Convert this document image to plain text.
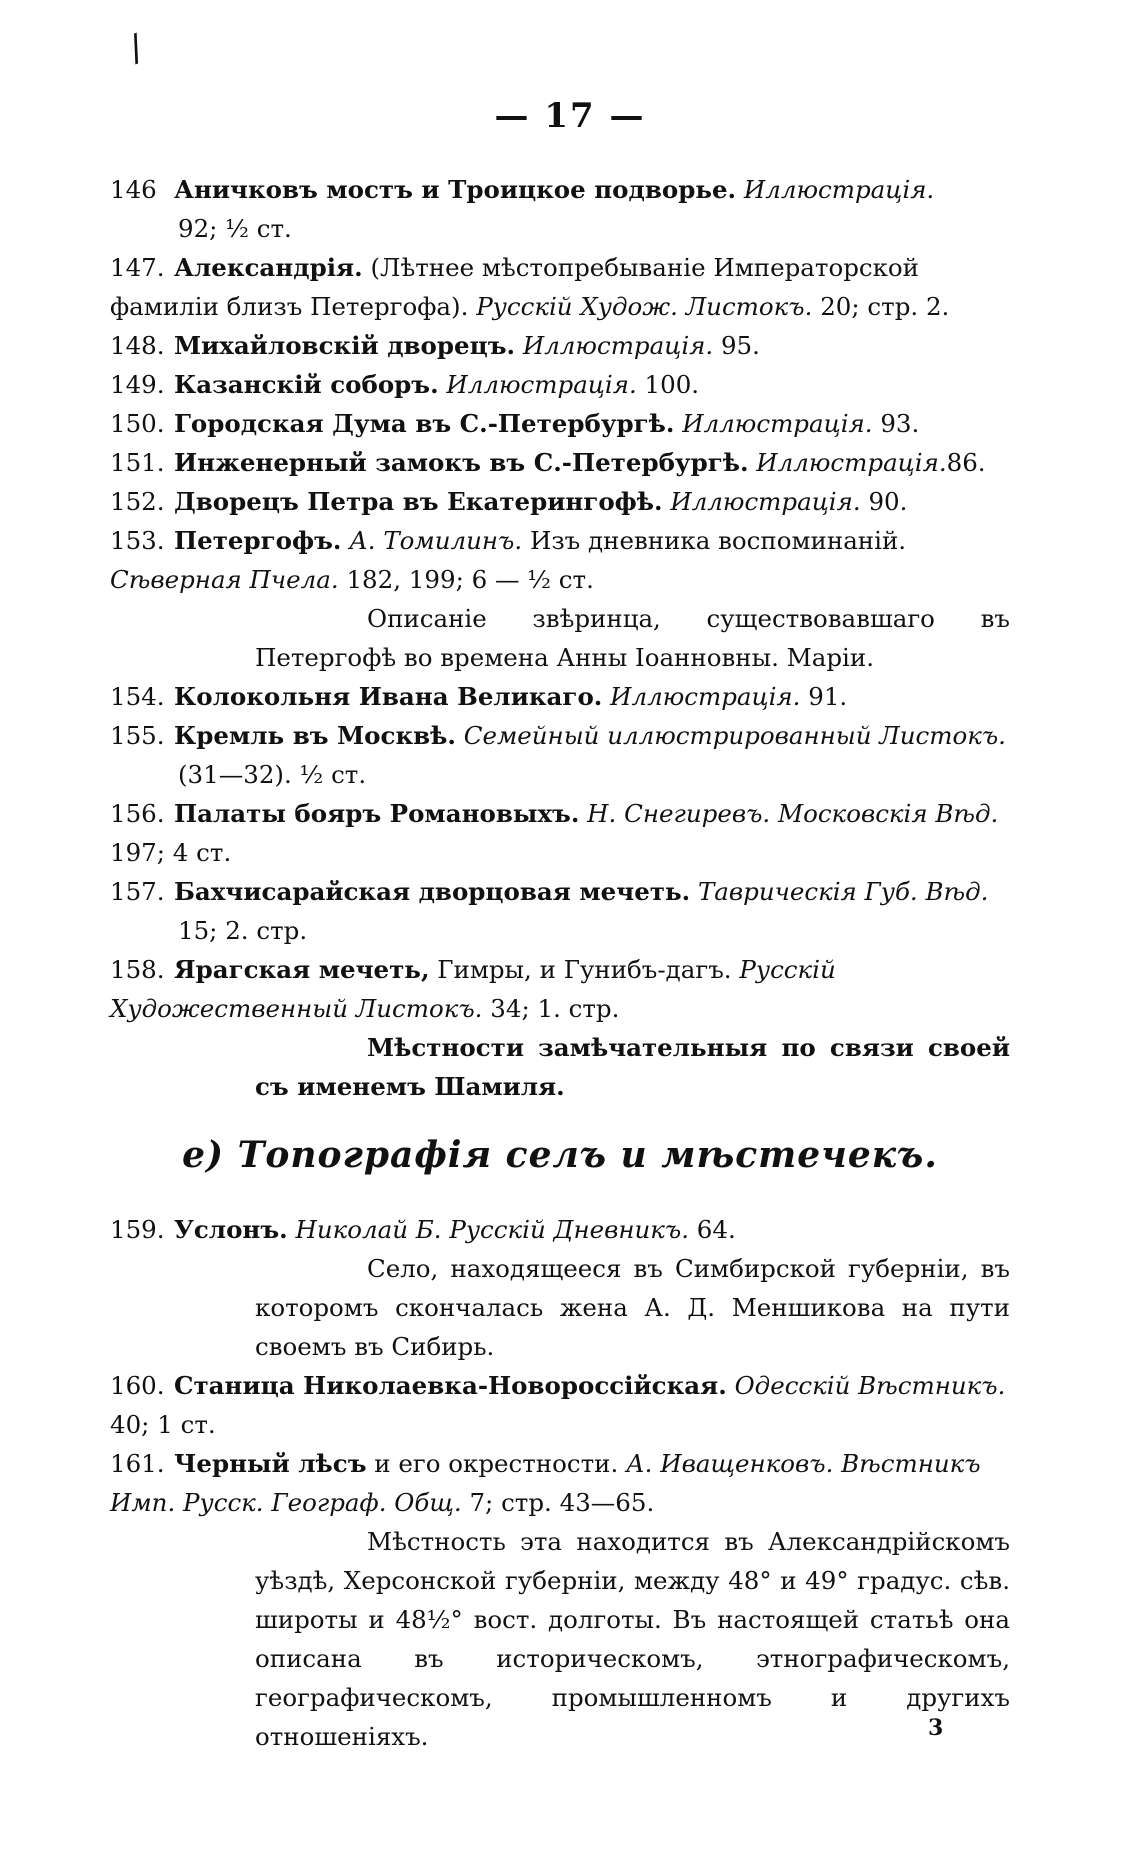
/
— 17 —

146 Аничковъ мостъ и Троицкое подворье. Иллюстрація.
92; ½ ст.

147. Александрія. (Лѣтнее мѣстопребываніе Императорской фамиліи близъ Петергофа). Русскій Худож. Листокъ. 20; стр. 2.

148. Михайловскій дворецъ. Иллюстрація. 95.

149. Казанскій соборъ. Иллюстрація. 100.

150. Городская Дума въ С.-Петербургѣ. Иллюстрація. 93.

151. Инженерный замокъ въ С.-Петербургѣ. Иллюстрація.86.

152. Дворецъ Петра въ Екатерингофѣ. Иллюстрація. 90.

153. Петергофъ. А. Томилинъ. Изъ дневника воспоминаній. Сѣверная Пчела. 182, 199; 6 — ½ ст.

Описаніе звѣринца, существовавшаго въ Петергофѣ во времена Анны Іоанновны. Маріи.

154. Колокольня Ивана Великаго. Иллюстрація. 91.

155. Кремль въ Москвѣ. Семейный иллюстрированный Листокъ.
(31—32). ½ ст.

156. Палаты бояръ Романовыхъ. Н. Снегиревъ. Московскія Вѣд. 197; 4 ст.

157. Бахчисарайская дворцовая мечеть. Таврическія Губ. Вѣд.
15; 2. стр.

158. Ярагская мечеть, Гимры, и Гунибъ-дагъ. Русскій Художественный Листокъ. 34; 1. стр.

Мѣстности замѣчательныя по связи своей съ именемъ Шамиля.

е) Топографія селъ и мѣстечекъ.

159. Услонъ. Николай Б. Русскій Дневникъ. 64.

Село, находящееся въ Симбирской губерніи, въ которомъ скончалась жена А. Д. Меншикова на пути своемъ въ Сибирь.

160. Станица Николаевка-Новороссійская. Одесскій Вѣстникъ. 40; 1 ст.

161. Черный лѣсъ и его окрестности. А. Иващенковъ. Вѣстникъ Имп. Русск. Географ. Общ. 7; стр. 43—65.

Мѣстность эта находится въ Александрійскомъ уѣздѣ, Херсонской губерніи, между 48° и 49° градус. сѣв. широты и 48½° вост. долготы. Въ настоящей статьѣ она описана въ историческомъ, этнографическомъ, географическомъ, промышленномъ и другихъ отношеніяхъ.	3
